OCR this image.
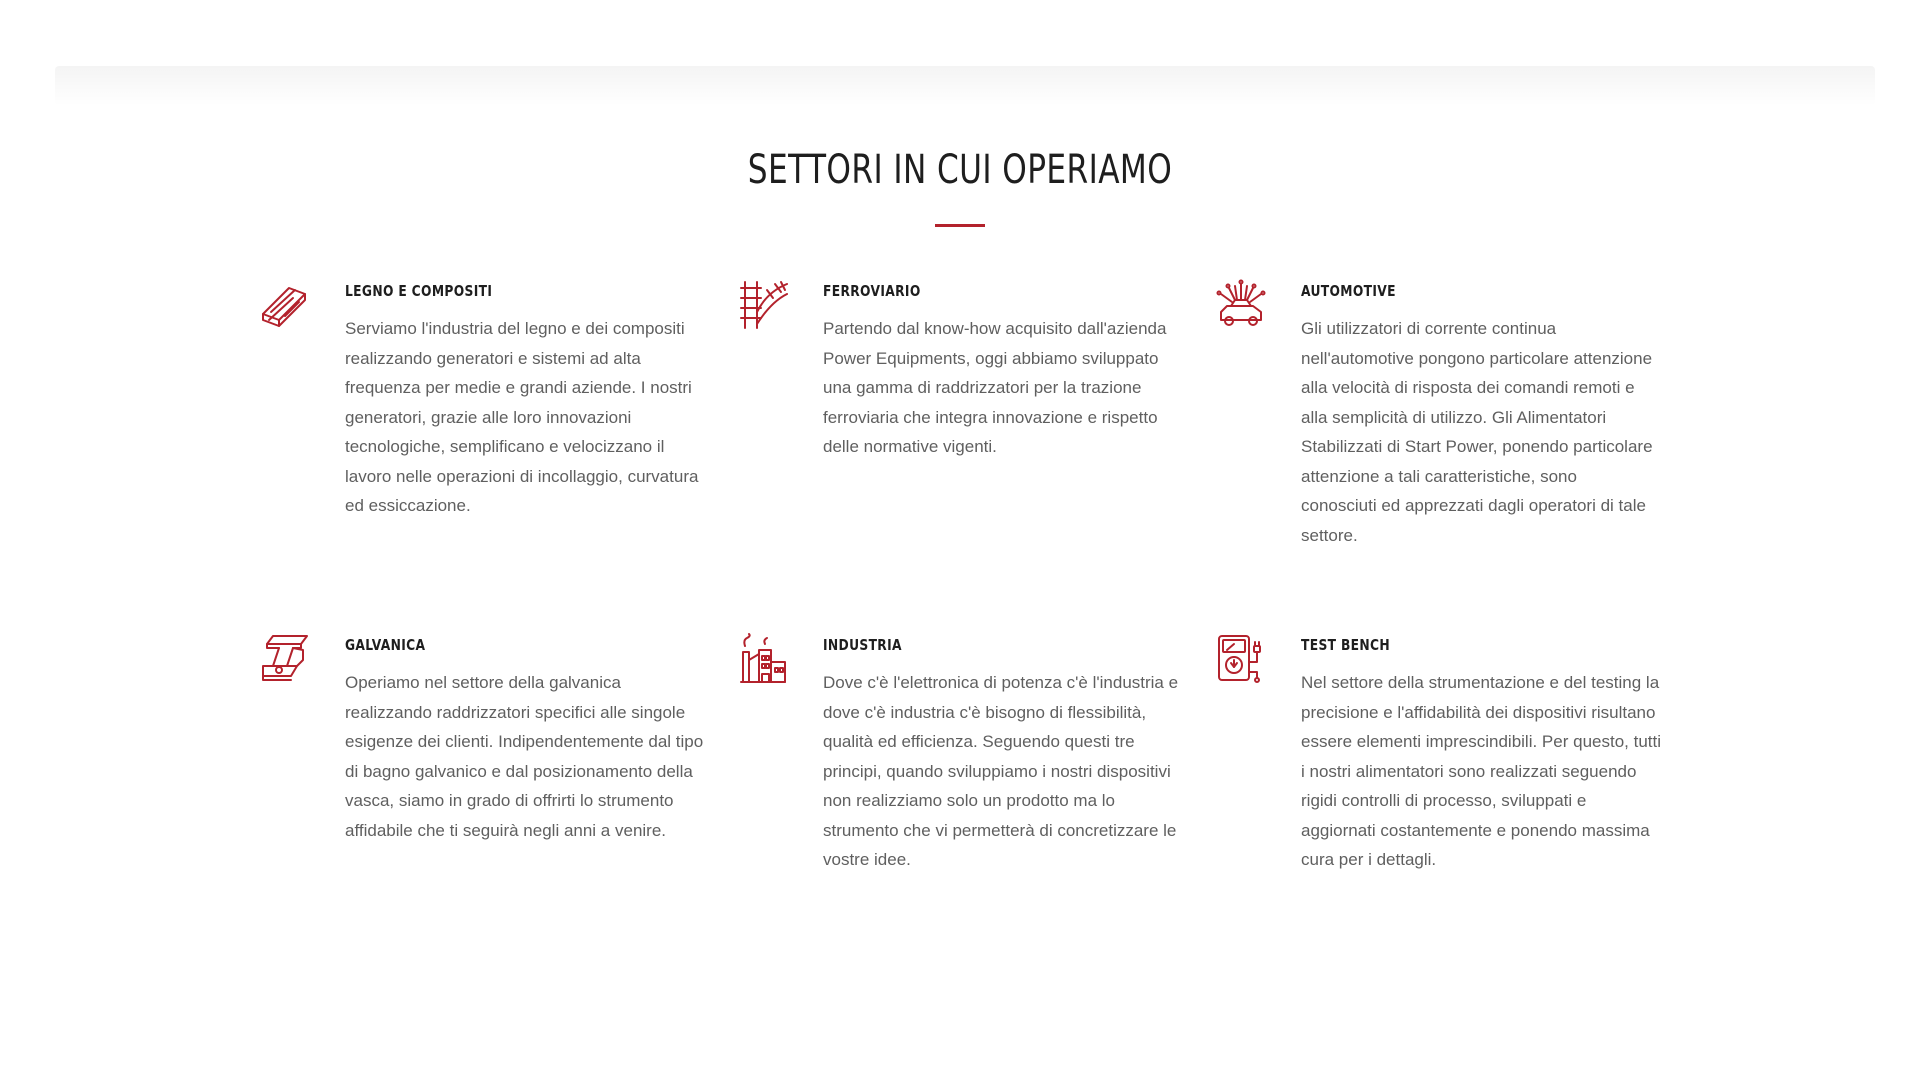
SETTORI IN CUI OPERIAMO
LEGNO E COMPOSITI

Serviamo l'industria del legno e dei compositi realizzando generatori e sistemi ad alta frequenza per medie e grandi aziende. I nostri generatori, grazie alle loro innovazioni tecnologiche, semplificano e velocizzano il lavoro nelle operazioni di incollaggio, curvatura ed essiccazione.

FERROVIARIO

Partendo dal know-how acquisito dall'azienda Power Equipments, oggi abbiamo sviluppato una gamma di raddrizzatori per la trazione ferroviaria che integra innovazione e rispetto delle normative vigenti.

AUTOMOTIVE

Gli utilizzatori di corrente continua nell'automotive pongono particolare attenzione alla velocità di risposta dei comandi remoti e alla semplicità di utilizzo. Gli Alimentatori Stabilizzati di Start Power, ponendo particolare attenzione a tali caratteristiche, sono conosciuti ed apprezzati dagli operatori di tale settore.

GALVANICA

Operiamo nel settore della galvanica realizzando raddrizzatori specifici alle singole esigenze dei clienti. Indipendentemente dal tipo di bagno galvanico e dal posizionamento della vasca, siamo in grado di offrirti lo strumento affidabile che ti seguirà negli anni a venire.

INDUSTRIA

Dove c'è l'elettronica di potenza c'è l'industria e dove c'è industria c'è bisogno di flessibilità, qualità ed efficienza. Seguendo questi tre principi, quando sviluppiamo i nostri dispositivi non realizziamo solo un prodotto ma lo strumento che vi permetterà di concretizzare le vostre idee.

TEST BENCH

Nel settore della strumentazione e del testing la precisione e l'affidabilità dei dispositivi risultano essere elementi imprescindibili. Per questo, tutti i nostri alimentatori sono realizzati seguendo rigidi controlli di processo, sviluppati e aggiornati costantemente e ponendo massima cura per i dettagli.
